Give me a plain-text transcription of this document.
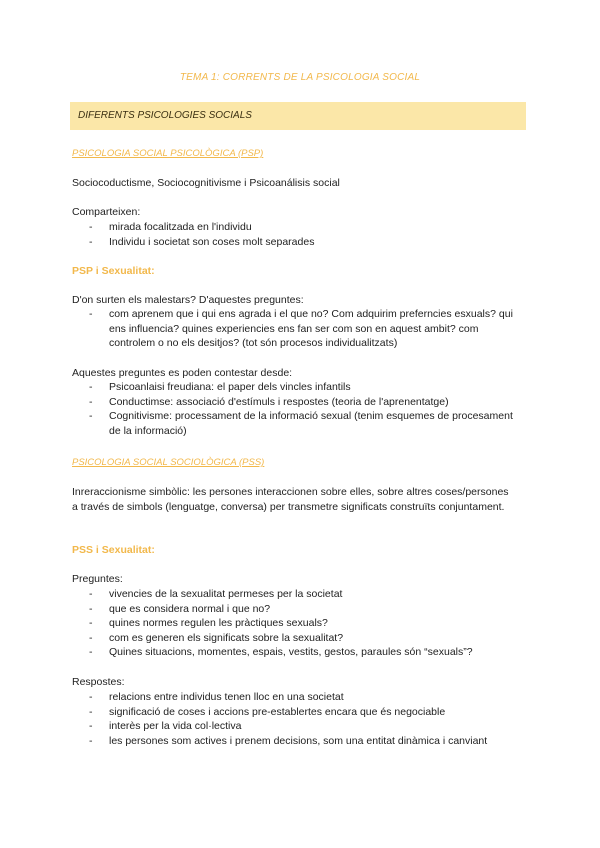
TEMA 1: CORRENTS DE LA PSICOLOGIA SOCIAL
DIFERENTS PSICOLOGIES SOCIALS
PSICOLOGIA SOCIAL PSICOLÒGICA (PSP)
Sociocoductisme, Sociocognitivisme i Psicoanálisis social
Comparteixen:
- mirada focalitzada en l'individu
- Individu i societat son coses molt separades
PSP i Sexualitat:
D'on surten els malestars? D'aquestes preguntes:
- com aprenem que i qui ens agrada i el que no? Com adquirim preferncies esxuals? qui ens influencia? quines experiencies ens fan ser com son en aquest ambit? com controlem o no els desitjos? (tot són procesos individualitzats)
Aquestes preguntes es poden contestar desde:
- Psicoanlaisi freudiana: el paper dels vincles infantils
- Conductimse: associació d'estímuls i respostes (teoria de l'aprenentatge)
- Cognitivisme: processament de la informació sexual (tenim esquemes de procesament de la informació)
PSICOLOGIA SOCIAL SOCIOLÒGICA (PSS)
Inreraccionisme simbòlic: les persones interaccionen sobre elles, sobre altres coses/persones a través de simbols (lenguatge, conversa) per transmetre significats construïts conjuntament.
PSS i Sexualitat:
Preguntes:
- vivencies de la sexualitat permeses per la societat
- que es considera normal i que no?
- quines normes regulen les pràctiques sexuals?
- com es generen els significats sobre la sexualitat?
- Quines situacions, momentes, espais, vestits, gestos, paraules són “sexuals”?
Respostes:
- relacions entre individus tenen lloc en una societat
- significació de coses i accions pre-establertes encara que és negociable
- interès per la vida col·lectiva
- les persones som actives i prenem decisions, som una entitat dinàmica i canviant
